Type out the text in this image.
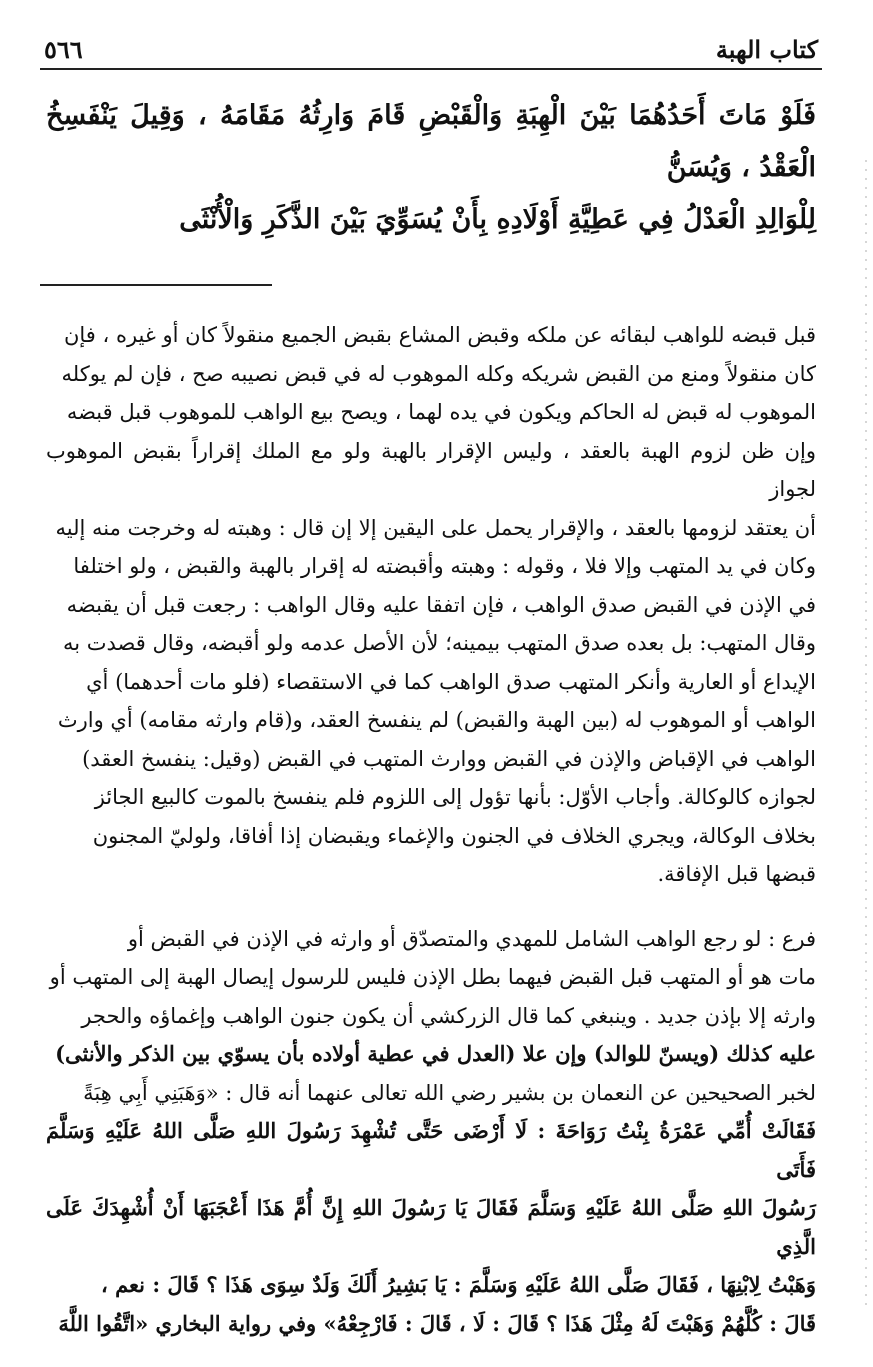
كتاب الهبة
٥٦٦
فَلَوْ مَاتَ أَحَدُهُمَا بَيْنَ الْهِبَةِ وَالْقَبْضِ قَامَ وَارِثُهُ مَقَامَهُ ، وَقِيلَ يَنْفَسِخُ الْعَقْدُ ، وَيُسَنُّ
لِلْوَالِدِ الْعَدْلُ فِي عَطِيَّةِ أَوْلَادِهِ بِأَنْ يُسَوِّيَ بَيْنَ الذَّكَرِ وَالْأُنْثَى

قبل قبضه للواهب لبقائه عن ملكه وقبض المشاع بقبض الجميع منقولاً كان أو غيره ، فإن

كان منقولاً ومنع من القبض شريكه وكله الموهوب له في قبض نصيبه صح ، فإن لم يوكله

الموهوب له قبض له الحاكم ويكون في يده لهما ، ويصح بيع الواهب للموهوب قبل قبضه

وإن ظن لزوم الهبة بالعقد ، وليس الإقرار بالهبة ولو مع الملك إقراراً بقبض الموهوب لجواز

أن يعتقد لزومها بالعقد ، والإقرار يحمل على اليقين إلا إن قال : وهبته له وخرجت منه إليه

وكان في يد المتهب وإلا فلا ، وقوله : وهبته وأقبضته له إقرار بالهبة والقبض ، ولو اختلفا

في الإذن في القبض صدق الواهب ، فإن اتفقا عليه وقال الواهب : رجعت قبل أن يقبضه

وقال المتهب: بل بعده صدق المتهب بيمينه؛ لأن الأصل عدمه ولو أقبضه، وقال قصدت به

الإيداع أو العارية وأنكر المتهب صدق الواهب كما في الاستقصاء (فلو مات أحدهما) أي

الواهب أو الموهوب له (بين الهبة والقبض) لم ينفسخ العقد، و(قام وارثه مقامه) أي وارث

الواهب في الإقباض والإذن في القبض ووارث المتهب في القبض (وقيل: ينفسخ العقد)

لجوازه كالوكالة. وأجاب الأوّل: بأنها تؤول إلى اللزوم فلم ينفسخ بالموت كالبيع الجائز

بخلاف الوكالة، ويجري الخلاف في الجنون والإغماء ويقبضان إذا أفاقا، ولوليّ المجنون

قبضها قبل الإفاقة.

فرع : لو رجع الواهب الشامل للمهدي والمتصدّق أو وارثه في الإذن في القبض أو

مات هو أو المتهب قبل القبض فيهما بطل الإذن فليس للرسول إيصال الهبة إلى المتهب أو

وارثه إلا بإذن جديد . وينبغي كما قال الزركشي أن يكون جنون الواهب وإغماؤه والحجر

عليه كذلك (ويسنّ للوالد) وإن علا (العدل في عطية أولاده بأن يسوّي بين الذكر والأنثى)

لخبر الصحيحين عن النعمان بن بشير رضي الله تعالى عنهما أنه قال : «وَهَبَنِي أَبِي هِبَةً

فَقَالَتْ أُمِّي عَمْرَةُ بِنْتُ رَوَاحَةَ : لَا أَرْضَى حَتَّى تُشْهِدَ رَسُولَ اللهِ صَلَّى اللهُ عَلَيْهِ وَسَلَّمَ فَأَتَى

رَسُولَ اللهِ صَلَّى اللهُ عَلَيْهِ وَسَلَّمَ فَقَالَ يَا رَسُولَ اللهِ إِنَّ أُمَّ هَذَا أَعْجَبَهَا أَنْ أُشْهِدَكَ عَلَى الَّذِي

وَهَبْتُ لِابْنِهَا ، فَقَالَ صَلَّى اللهُ عَلَيْهِ وَسَلَّمَ : يَا بَشِيرُ أَلَكَ وَلَدٌ سِوَى هَذَا ؟ قَالَ : نعم ،

قَالَ : كُلَّهُمْ وَهَبْتَ لَهُ مِثْلَ هَذَا ؟ قَالَ : لَا ، قَالَ : فَارْجِعْهُ» وفي رواية البخاري «اتَّقُوا اللَّهَ
